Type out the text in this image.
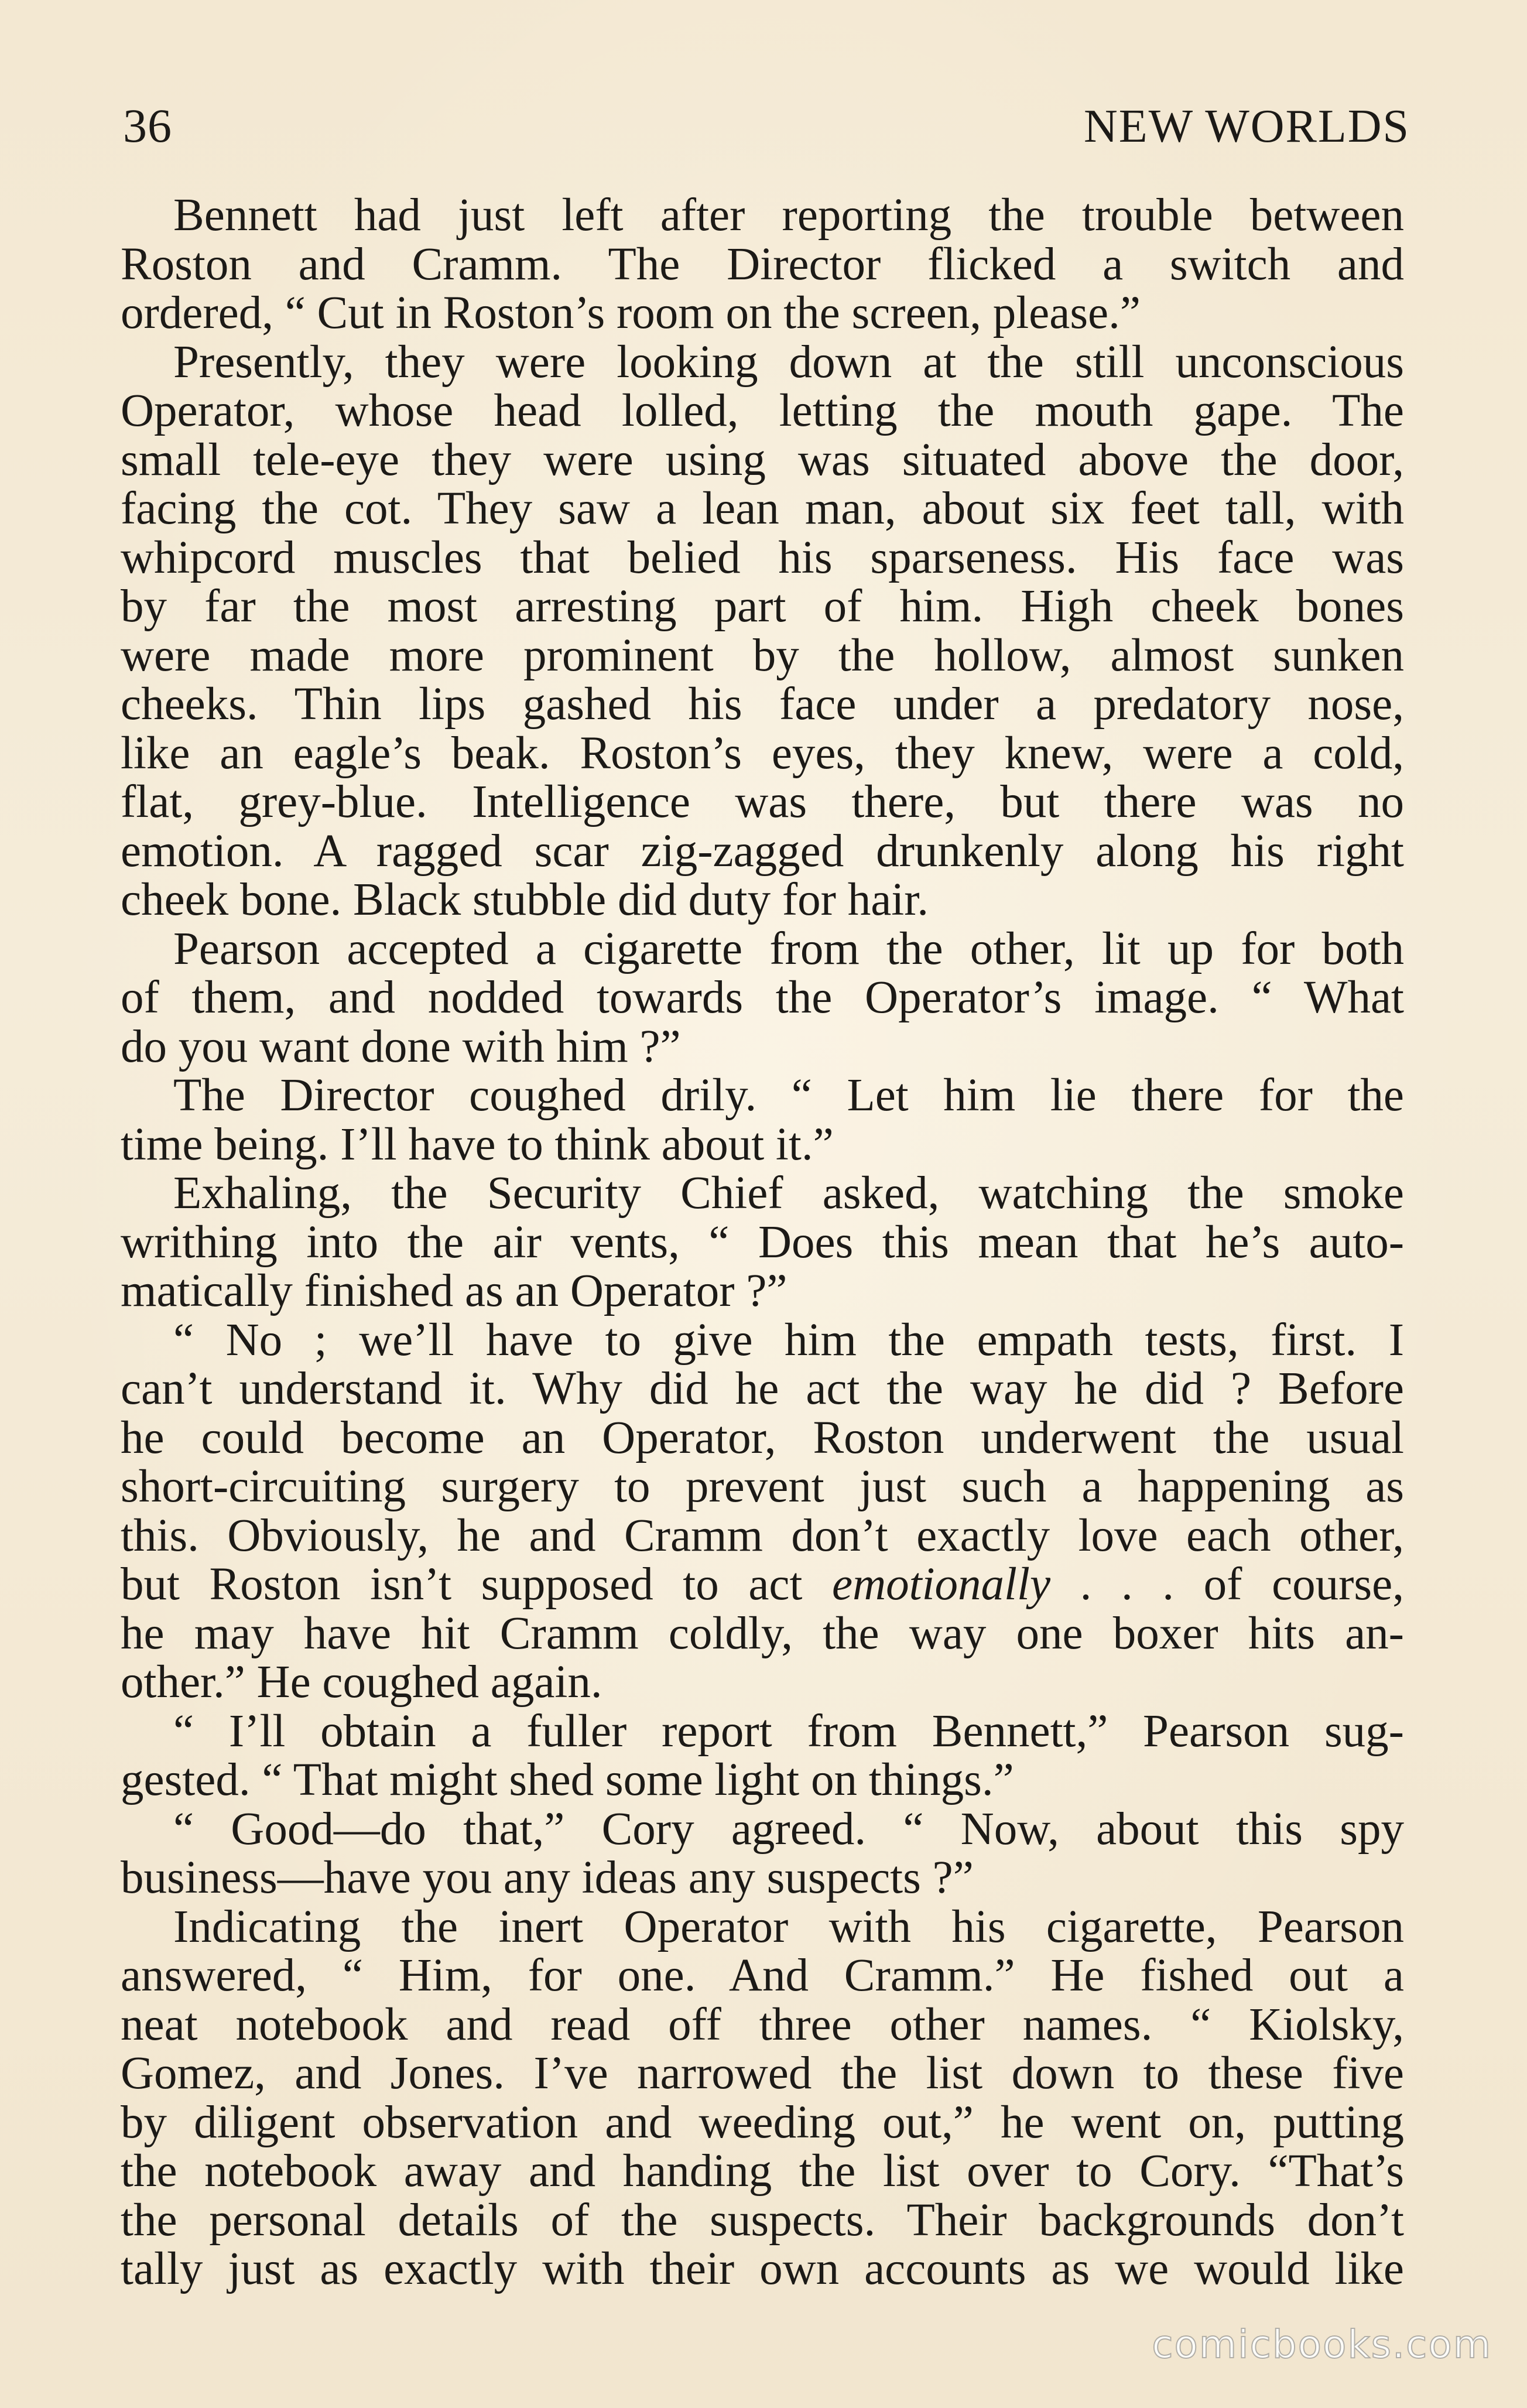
36	NEW WORLDS
Bennett had just left after reporting the trouble between
Roston and Cramm. The Director flicked a switch and
ordered, “ Cut in Roston’s room on the screen, please.”
Presently, they were looking down at the still unconscious
Operator, whose head lolled, letting the mouth gape. The
small tele-eye they were using was situated above the door,
facing the cot. They saw a lean man, about six feet tall, with
whipcord muscles that belied his sparseness. His face was
by far the most arresting part of him. High cheek bones
were made more prominent by the hollow, almost sunken
cheeks. Thin lips gashed his face under a predatory nose,
like an eagle’s beak. Roston’s eyes, they knew, were a cold,
flat, grey-blue. Intelligence was there, but there was no
emotion. A ragged scar zig-zagged drunkenly along his right
cheek bone. Black stubble did duty for hair.
Pearson accepted a cigarette from the other, lit up for both
of them, and nodded towards the Operator’s image. “ What
do you want done with him ?”
The Director coughed drily. “ Let him lie there for the
time being. I’ll have to think about it.”
Exhaling, the Security Chief asked, watching the smoke
writhing into the air vents, “ Does this mean that he’s auto-
matically finished as an Operator ?”
“ No ; we’ll have to give him the empath tests, first. I
can’t understand it. Why did he act the way he did ? Before
he could become an Operator, Roston underwent the usual
short-circuiting surgery to prevent just such a happening as
this. Obviously, he and Cramm don’t exactly love each other,
but Roston isn’t supposed to act emotionally . . . of course,
he may have hit Cramm coldly, the way one boxer hits an-
other.” He coughed again.
“ I’ll obtain a fuller report from Bennett,” Pearson sug-
gested. “ That might shed some light on things.”
“ Good—do that,” Cory agreed. “ Now, about this spy
business—have you any ideas any suspects ?”
Indicating the inert Operator with his cigarette, Pearson
answered, “ Him, for one. And Cramm.” He fished out a
neat notebook and read off three other names. “ Kiolsky,
Gomez, and Jones. I’ve narrowed the list down to these five
by diligent observation and weeding out,” he went on, putting
the notebook away and handing the list over to Cory. “That’s
the personal details of the suspects. Their backgrounds don’t
tally just as exactly with their own accounts as we would like
comicbooks.com
